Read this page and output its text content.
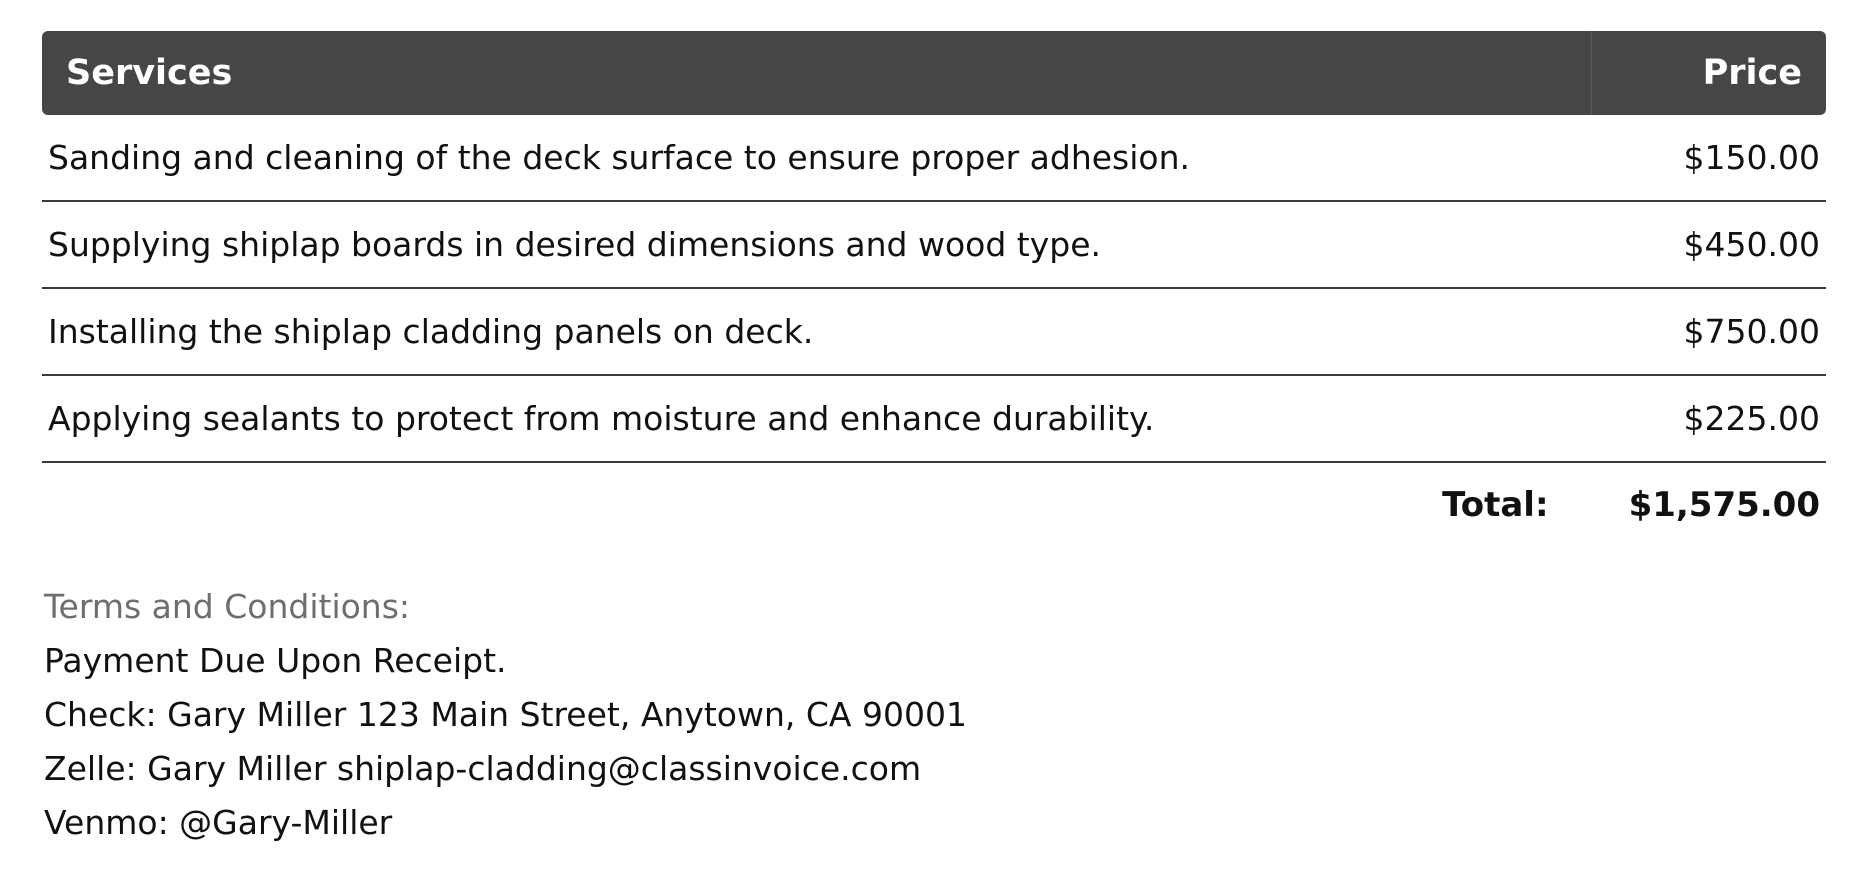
Services	Price
Sanding and cleaning of the deck surface to ensure proper adhesion.	$150.00
Supplying shiplap boards in desired dimensions and wood type.	$450.00
Installing the shiplap cladding panels on deck.	$750.00
Applying sealants to protect from moisture and enhance durability.	$225.00
Total: $1,575.00
Terms and Conditions:
Payment Due Upon Receipt.
Check: Gary Miller 123 Main Street, Anytown, CA 90001
Zelle: Gary Miller shiplap-cladding@classinvoice.com
Venmo: @Gary-Miller
